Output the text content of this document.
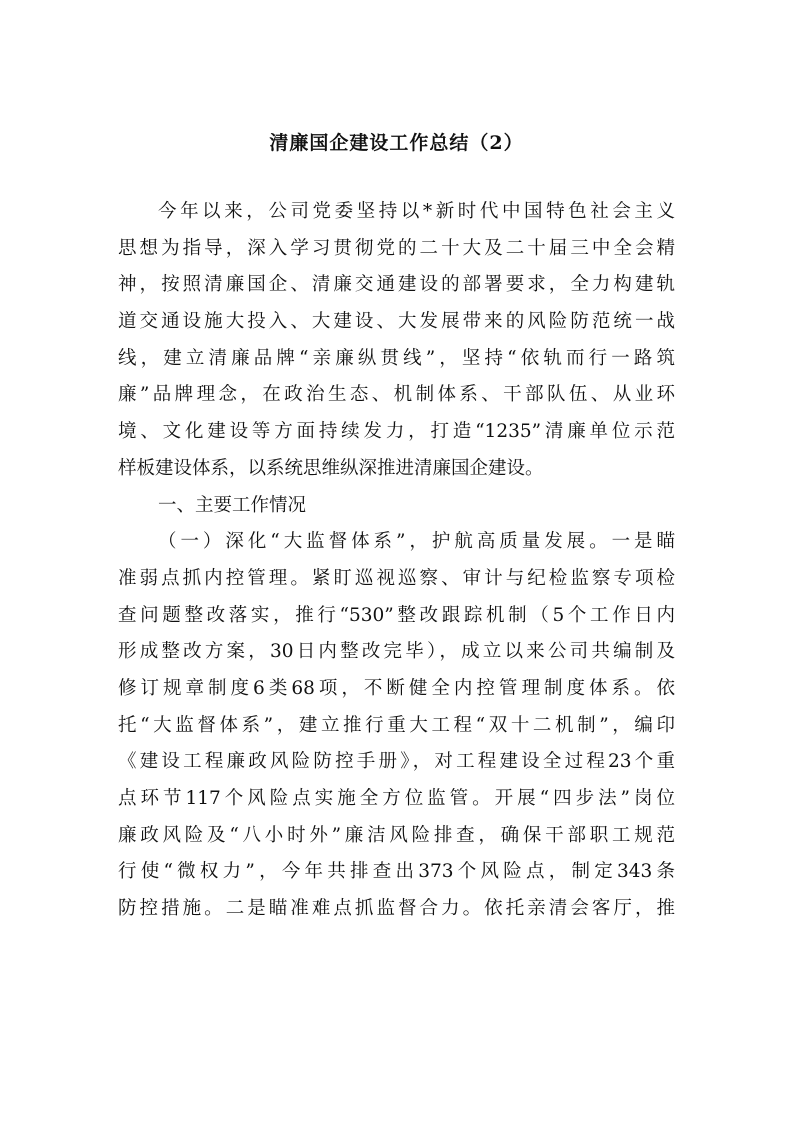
清廉国企建设工作总结（2）
今年以来，公司党委坚持以*新时代中国特色社会主义
思想为指导，深入学习贯彻党的二十大及二十届三中全会精
神，按照清廉国企、清廉交通建设的部署要求，全力构建轨
道交通设施大投入、大建设、大发展带来的风险防范统一战
线，建立清廉品牌“亲廉纵贯线”，坚持“依轨而行一路筑
廉”品牌理念，在政治生态、机制体系、干部队伍、从业环
境、文化建设等方面持续发力，打造“1235”清廉单位示范
样板建设体系，以系统思维纵深推进清廉国企建设。
一、主要工作情况
（一）深化“大监督体系”，护航高质量发展。一是瞄
准弱点抓内控管理。紧盯巡视巡察、审计与纪检监察专项检
查问题整改落实，推行“530”整改跟踪机制（5个工作日内
形成整改方案，30日内整改完毕），成立以来公司共编制及
修订规章制度6类68项，不断健全内控管理制度体系。依
托“大监督体系”，建立推行重大工程“双十二机制”，编印
《建设工程廉政风险防控手册》，对工程建设全过程23个重
点环节117个风险点实施全方位监管。开展“四步法”岗位
廉政风险及“八小时外”廉洁风险排查，确保干部职工规范
行使“微权力”，今年共排查出373个风险点，制定343条
防控措施。二是瞄准难点抓监督合力。依托亲清会客厅，推
